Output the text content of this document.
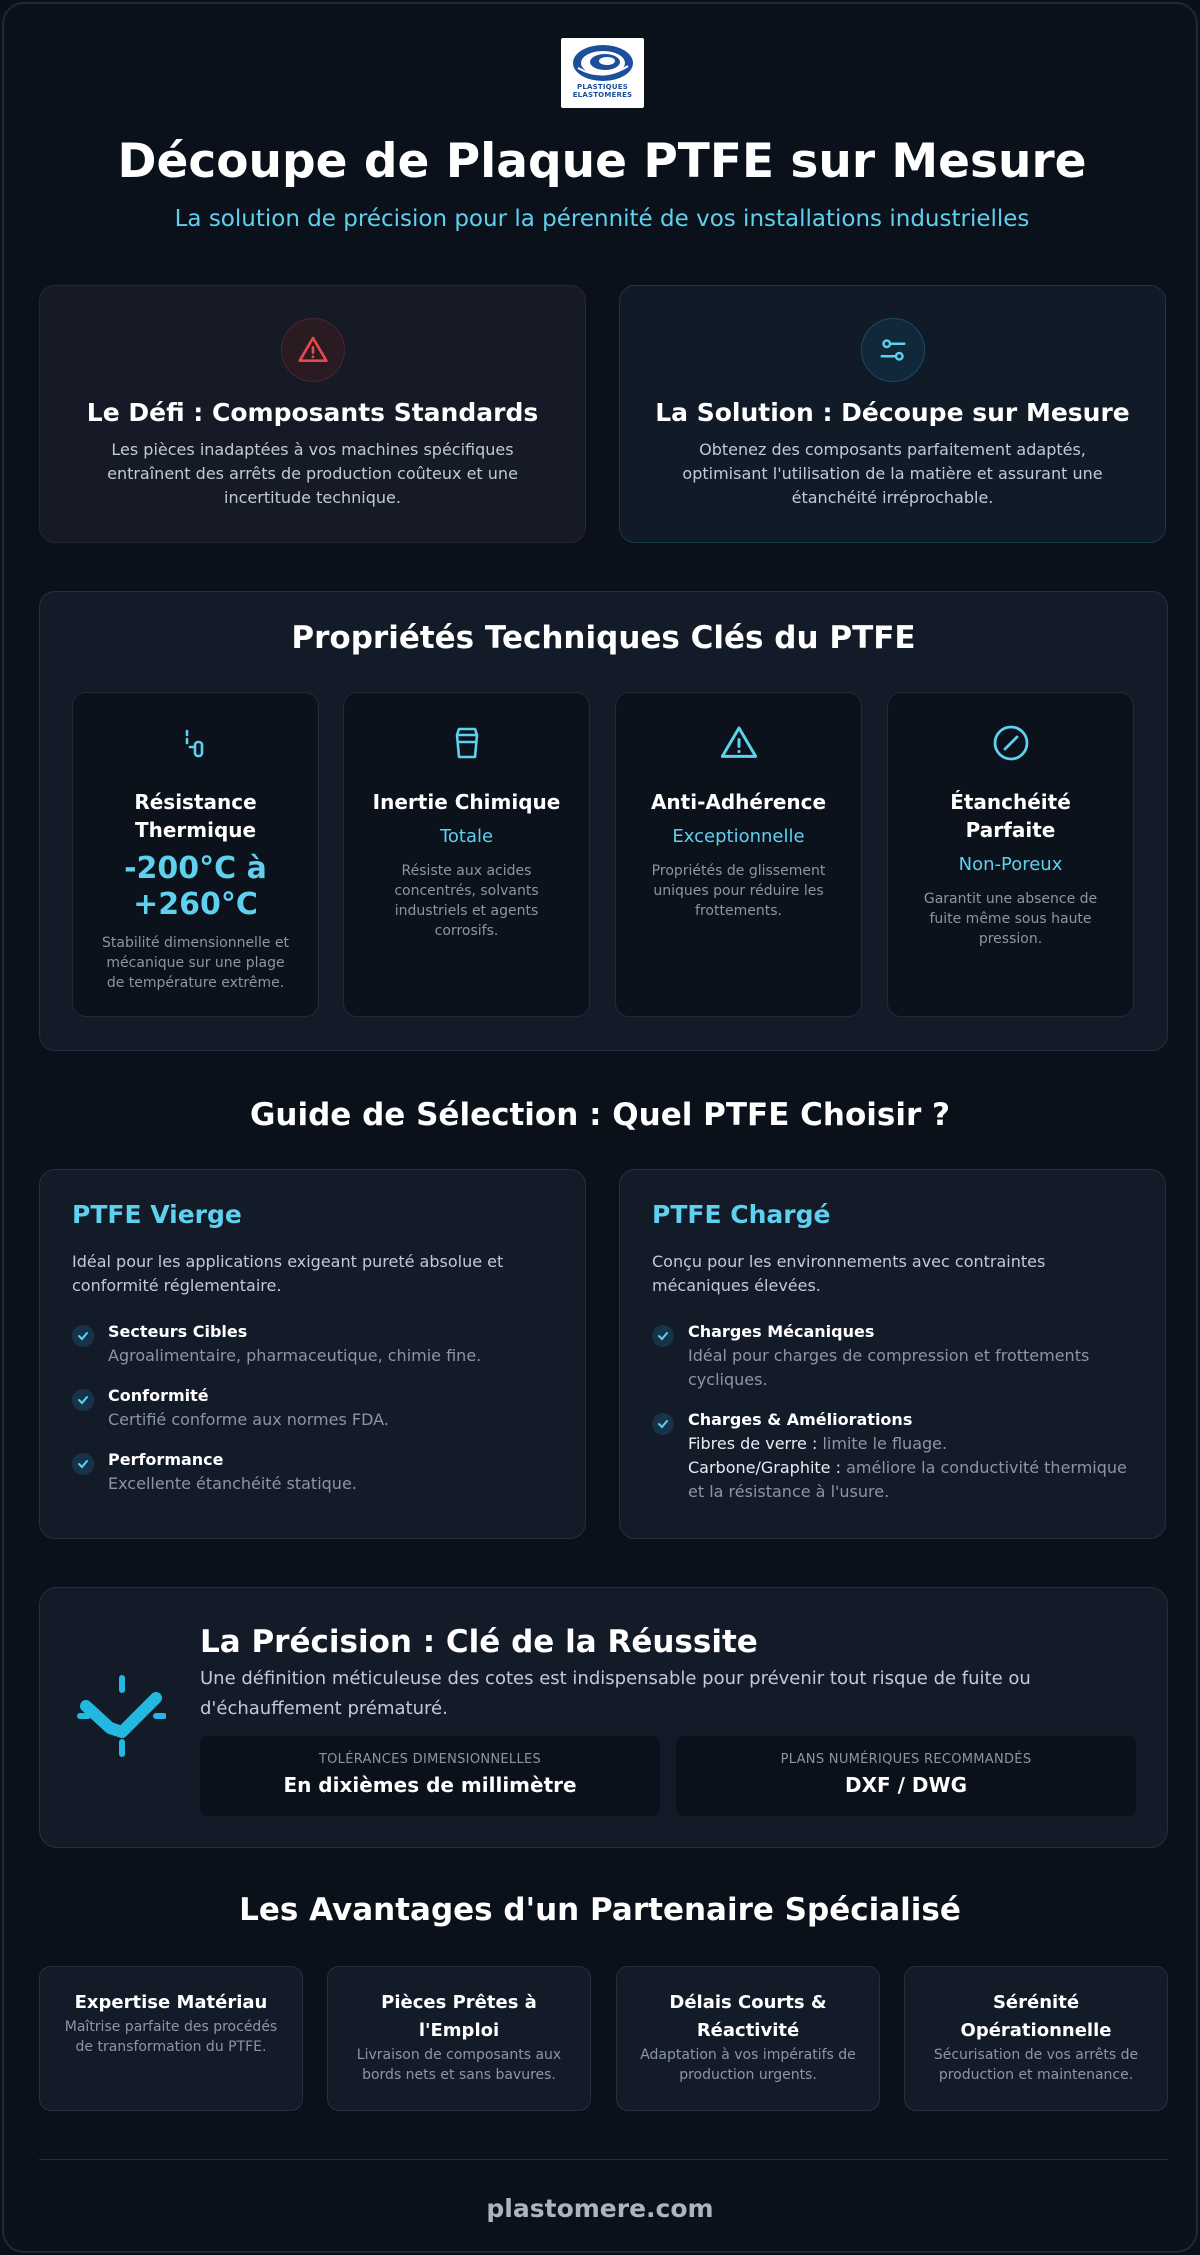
PLASTIQUES
ELASTOMERES
Découpe de Plaque PTFE sur Mesure
La solution de précision pour la pérennité de vos installations industrielles
Le Défi : Composants Standards
Les pièces inadaptées à vos machines spécifiques entraînent des arrêts de production coûteux et une incertitude technique.
La Solution : Découpe sur Mesure
Obtenez des composants parfaitement adaptés, optimisant l'utilisation de la matière et assurant une étanchéité irréprochable.
Propriétés Techniques Clés du PTFE
Résistance Thermique
-200°C à +260°C
Stabilité dimensionnelle et mécanique sur une plage de température extrême.
Inertie Chimique
Totale
Résiste aux acides concentrés, solvants industriels et agents corrosifs.
Anti-Adhérence
Exceptionnelle
Propriétés de glissement uniques pour réduire les frottements.
Étanchéité Parfaite
Non-Poreux
Garantit une absence de fuite même sous haute pression.
Guide de Sélection : Quel PTFE Choisir ?
PTFE Vierge
Idéal pour les applications exigeant pureté absolue et conformité réglementaire.
Secteurs Cibles
Agroalimentaire, pharmaceutique, chimie fine.
Conformité
Certifié conforme aux normes FDA.
Performance
Excellente étanchéité statique.
PTFE Chargé
Conçu pour les environnements avec contraintes mécaniques élevées.
Charges Mécaniques
Idéal pour charges de compression et frottements cycliques.
Charges & Améliorations
Fibres de verre : limite le fluage.
Carbone/Graphite : améliore la conductivité thermique et la résistance à l'usure.
La Précision : Clé de la Réussite
Une définition méticuleuse des cotes est indispensable pour prévenir tout risque de fuite ou d'échauffement prématuré.
TOLÉRANCES DIMENSIONNELLES
En dixièmes de millimètre
PLANS NUMÉRIQUES RECOMMANDÉS
DXF / DWG
Les Avantages d'un Partenaire Spécialisé
Expertise Matériau
Maîtrise parfaite des procédés de transformation du PTFE.
Pièces Prêtes à l'Emploi
Livraison de composants aux bords nets et sans bavures.
Délais Courts & Réactivité
Adaptation à vos impératifs de production urgents.
Sérénité Opérationnelle
Sécurisation de vos arrêts de production et maintenance.
plastomere.com
